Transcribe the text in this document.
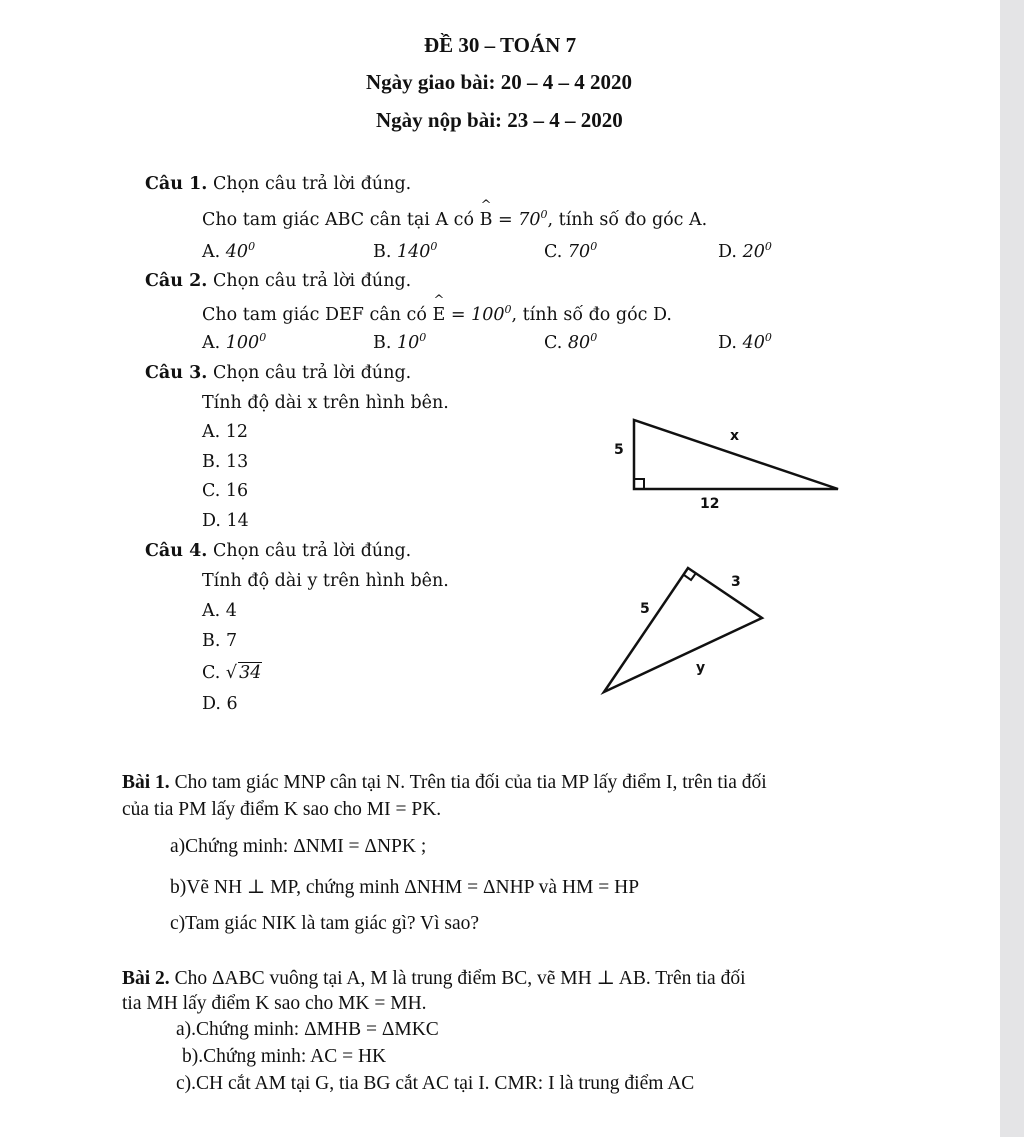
ĐỀ 30 – TOÁN 7
Ngày giao bài: 20 – 4 – 4 2020
Ngày nộp bài: 23 – 4 – 2020
Câu 1. Chọn câu trả lời đúng.
Cho tam giác ABC cân tại A có ^ $B = 70^0$, tính số đo góc A.
A. $40^0$	B. $140^0$	C. $70^0$	D. $20^0$
Câu 2. Chọn câu trả lời đúng.
Cho tam giác DEF cân có ^ $E = 100^0$, tính số đo góc D.
A. $100^0$	B. $10^0$	C. $80^0$	D. $40^0$
Câu 3. Chọn câu trả lời đúng.
Tính độ dài x trên hình bên.
A. 12
B. 13
C. 16
D. 14
5
x
12
Câu 4. Chọn câu trả lời đúng.
Tính độ dài y trên hình bên.
A. 4
B. 7
C. √ 34
D. 6
3
5
y
Bài 1. Cho tam giác MNP cân tại N. Trên tia đối của tia MP lấy điểm I, trên tia đối
của tia PM lấy điểm K sao cho MI = PK.
a)Chứng minh: ΔNMI = ΔNPK ;
b)Vẽ NH ⊥ MP, chứng minh ΔNHM = ΔNHP và HM = HP
c)Tam giác NIK là tam giác gì? Vì sao?
Bài 2. Cho ΔABC vuông tại A, M là trung điểm BC, vẽ MH ⊥ AB. Trên tia đối
tia MH lấy điểm K sao cho MK = MH.
a).Chứng minh: ΔMHB = ΔMKC
b).Chứng minh: AC = HK
c).CH cắt AM tại G, tia BG cắt AC tại I. CMR: I là trung điểm AC
